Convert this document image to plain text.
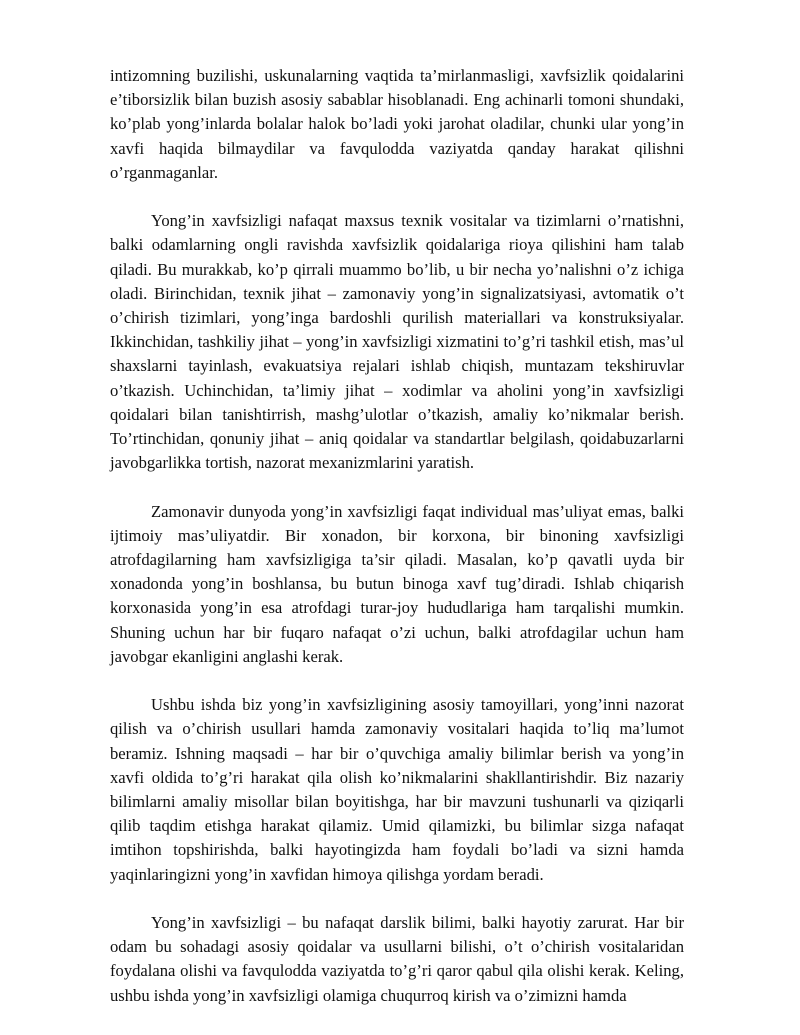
intizomning buzilishi, uskunalarning vaqtida ta’mirlanmasligi, xavfsizlik qoidalarini e’tiborsizlik bilan buzish asosiy sabablar hisoblanadi. Eng achinarli tomoni shundaki, ko’plab yong’inlarda bolalar halok bo’ladi yoki jarohat oladilar, chunki ular yong’in xavfi haqida bilmaydilar va favqulodda vaziyatda qanday harakat qilishni o’rganmaganlar.

Yong’in xavfsizligi nafaqat maxsus texnik vositalar va tizimlarni o’rnatishni, balki odamlarning ongli ravishda xavfsizlik qoidalariga rioya qilishini ham talab qiladi. Bu murakkab, ko’p qirrali muammo bo’lib, u bir necha yo’nalishni o’z ichiga oladi. Birinchidan, texnik jihat – zamonaviy yong’in signalizatsiyasi, avtomatik o’t o’chirish tizimlari, yong’inga bardoshli qurilish materiallari va konstruksiyalar. Ikkinchidan, tashkiliy jihat – yong’in xavfsizligi xizmatini to’g’ri tashkil etish, mas’ul shaxslarni tayinlash, evakuatsiya rejalari ishlab chiqish, muntazam tekshiruvlar o’tkazish. Uchinchidan, ta’limiy jihat – xodimlar va aholini yong’in xavfsizligi qoidalari bilan tanishtirrish, mashg’ulotlar o’tkazish, amaliy ko’nikmalar berish. To’rtinchidan, qonuniy jihat – aniq qoidalar va standartlar belgilash, qoidabuzarlarni javobgarlikka tortish, nazorat mexanizmlarini yaratish.

Zamonavir dunyoda yong’in xavfsizligi faqat individual mas’uliyat emas, balki ijtimoiy mas’uliyatdir. Bir xonadon, bir korxona, bir binoning xavfsizligi atrofdagilarning ham xavfsizligiga ta’sir qiladi. Masalan, ko’p qavatli uyda bir xonadonda yong’in boshlansa, bu butun binoga xavf tug’diradi. Ishlab chiqarish korxonasida yong’in esa atrofdagi turar-joy hududlariga ham tarqalishi mumkin. Shuning uchun har bir fuqaro nafaqat o’zi uchun, balki atrofdagilar uchun ham javobgar ekanligini anglashi kerak.

Ushbu ishda biz yong’in xavfsizligining asosiy tamoyillari, yong’inni nazorat qilish va o’chirish usullari hamda zamonaviy vositalari haqida to’liq ma’lumot beramiz. Ishning maqsadi – har bir o’quvchiga amaliy bilimlar berish va yong’in xavfi oldida to’g’ri harakat qila olish ko’nikmalarini shakllantirishdir. Biz nazariy bilimlarni amaliy misollar bilan boyitishga, har bir mavzuni tushunarli va qiziqarli qilib taqdim etishga harakat qilamiz. Umid qilamizki, bu bilimlar sizga nafaqat imtihon topshirishda, balki hayotingizda ham foydali bo’ladi va sizni hamda yaqinlaringizni yong’in xavfidan himoya qilishga yordam beradi.

Yong’in xavfsizligi – bu nafaqat darslik bilimi, balki hayotiy zarurat. Har bir odam bu sohadagi asosiy qoidalar va usullarni bilishi, o’t o’chirish vositalaridan foydalana olishi va favqulodda vaziyatda to’g’ri qaror qabul qila olishi kerak. Keling, ushbu ishda yong’in xavfsizligi olamiga chuqurroq kirish va o’zimizni hamda
